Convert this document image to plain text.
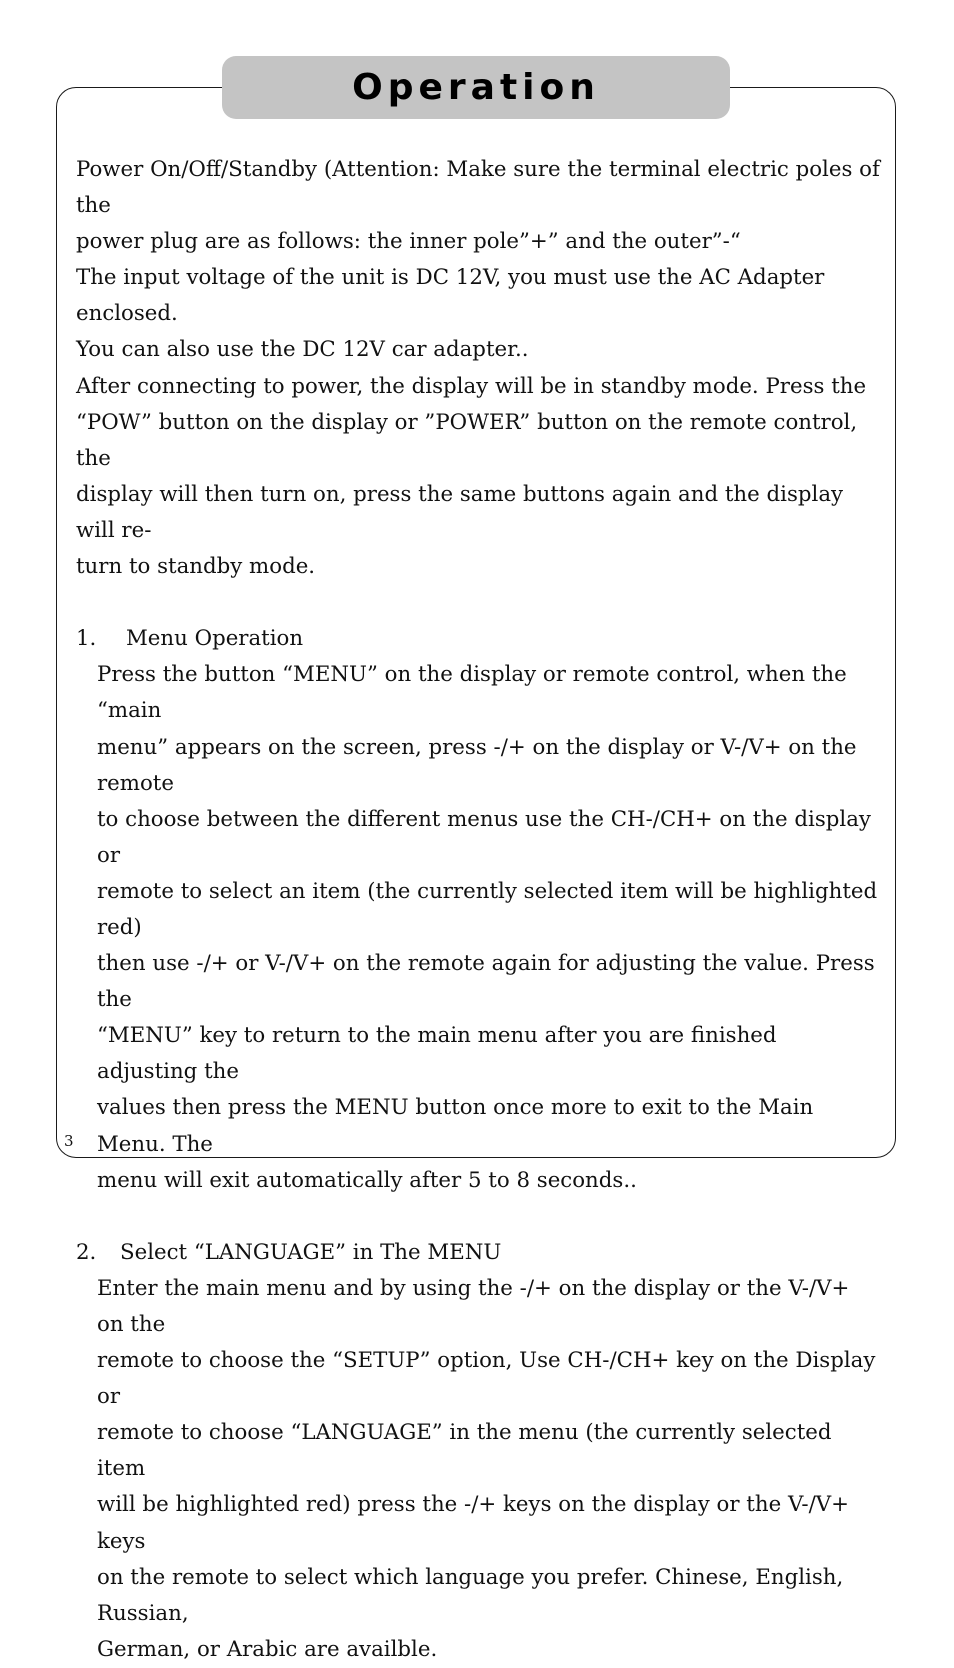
Operation

Power On/Off/Standby (Attention: Make sure the terminal electric poles of the

power plug are as follows: the inner pole”+” and the outer”-“

The input voltage of the unit is DC 12V, you must use the AC Adapter enclosed.

You can also use the DC 12V car adapter..

After connecting to power, the display will be in standby mode. Press the

“POW” button on the display or ”POWER” button on the remote control, the

display will then turn on, press the same buttons again and the display will re-

turn to standby mode.

1. Menu Operation

Press the button “MENU” on the display or remote control, when the “main

menu” appears on the screen, press -/+ on the display or V-/V+ on the remote

to choose between the different menus use the CH-/CH+ on the display or

remote to select an item (the currently selected item will be highlighted red)

then use -/+ or V-/V+ on the remote again for adjusting the value. Press the

“MENU” key to return to the main menu after you are finished adjusting the

values then press the MENU button once more to exit to the Main Menu. The

menu will exit automatically after 5 to 8 seconds..

2. Select “LANGUAGE” in The MENU

Enter the main menu and by using the -/+ on the display or the V-/V+ on the

remote to choose the “SETUP” option, Use CH-/CH+ key on the Display or

remote to choose “LANGUAGE” in the menu (the currently selected item

will be highlighted red) press the -/+ keys on the display or the V-/V+ keys

on the remote to select which language you prefer. Chinese, English, Russian,

German, or Arabic are availble.

3
